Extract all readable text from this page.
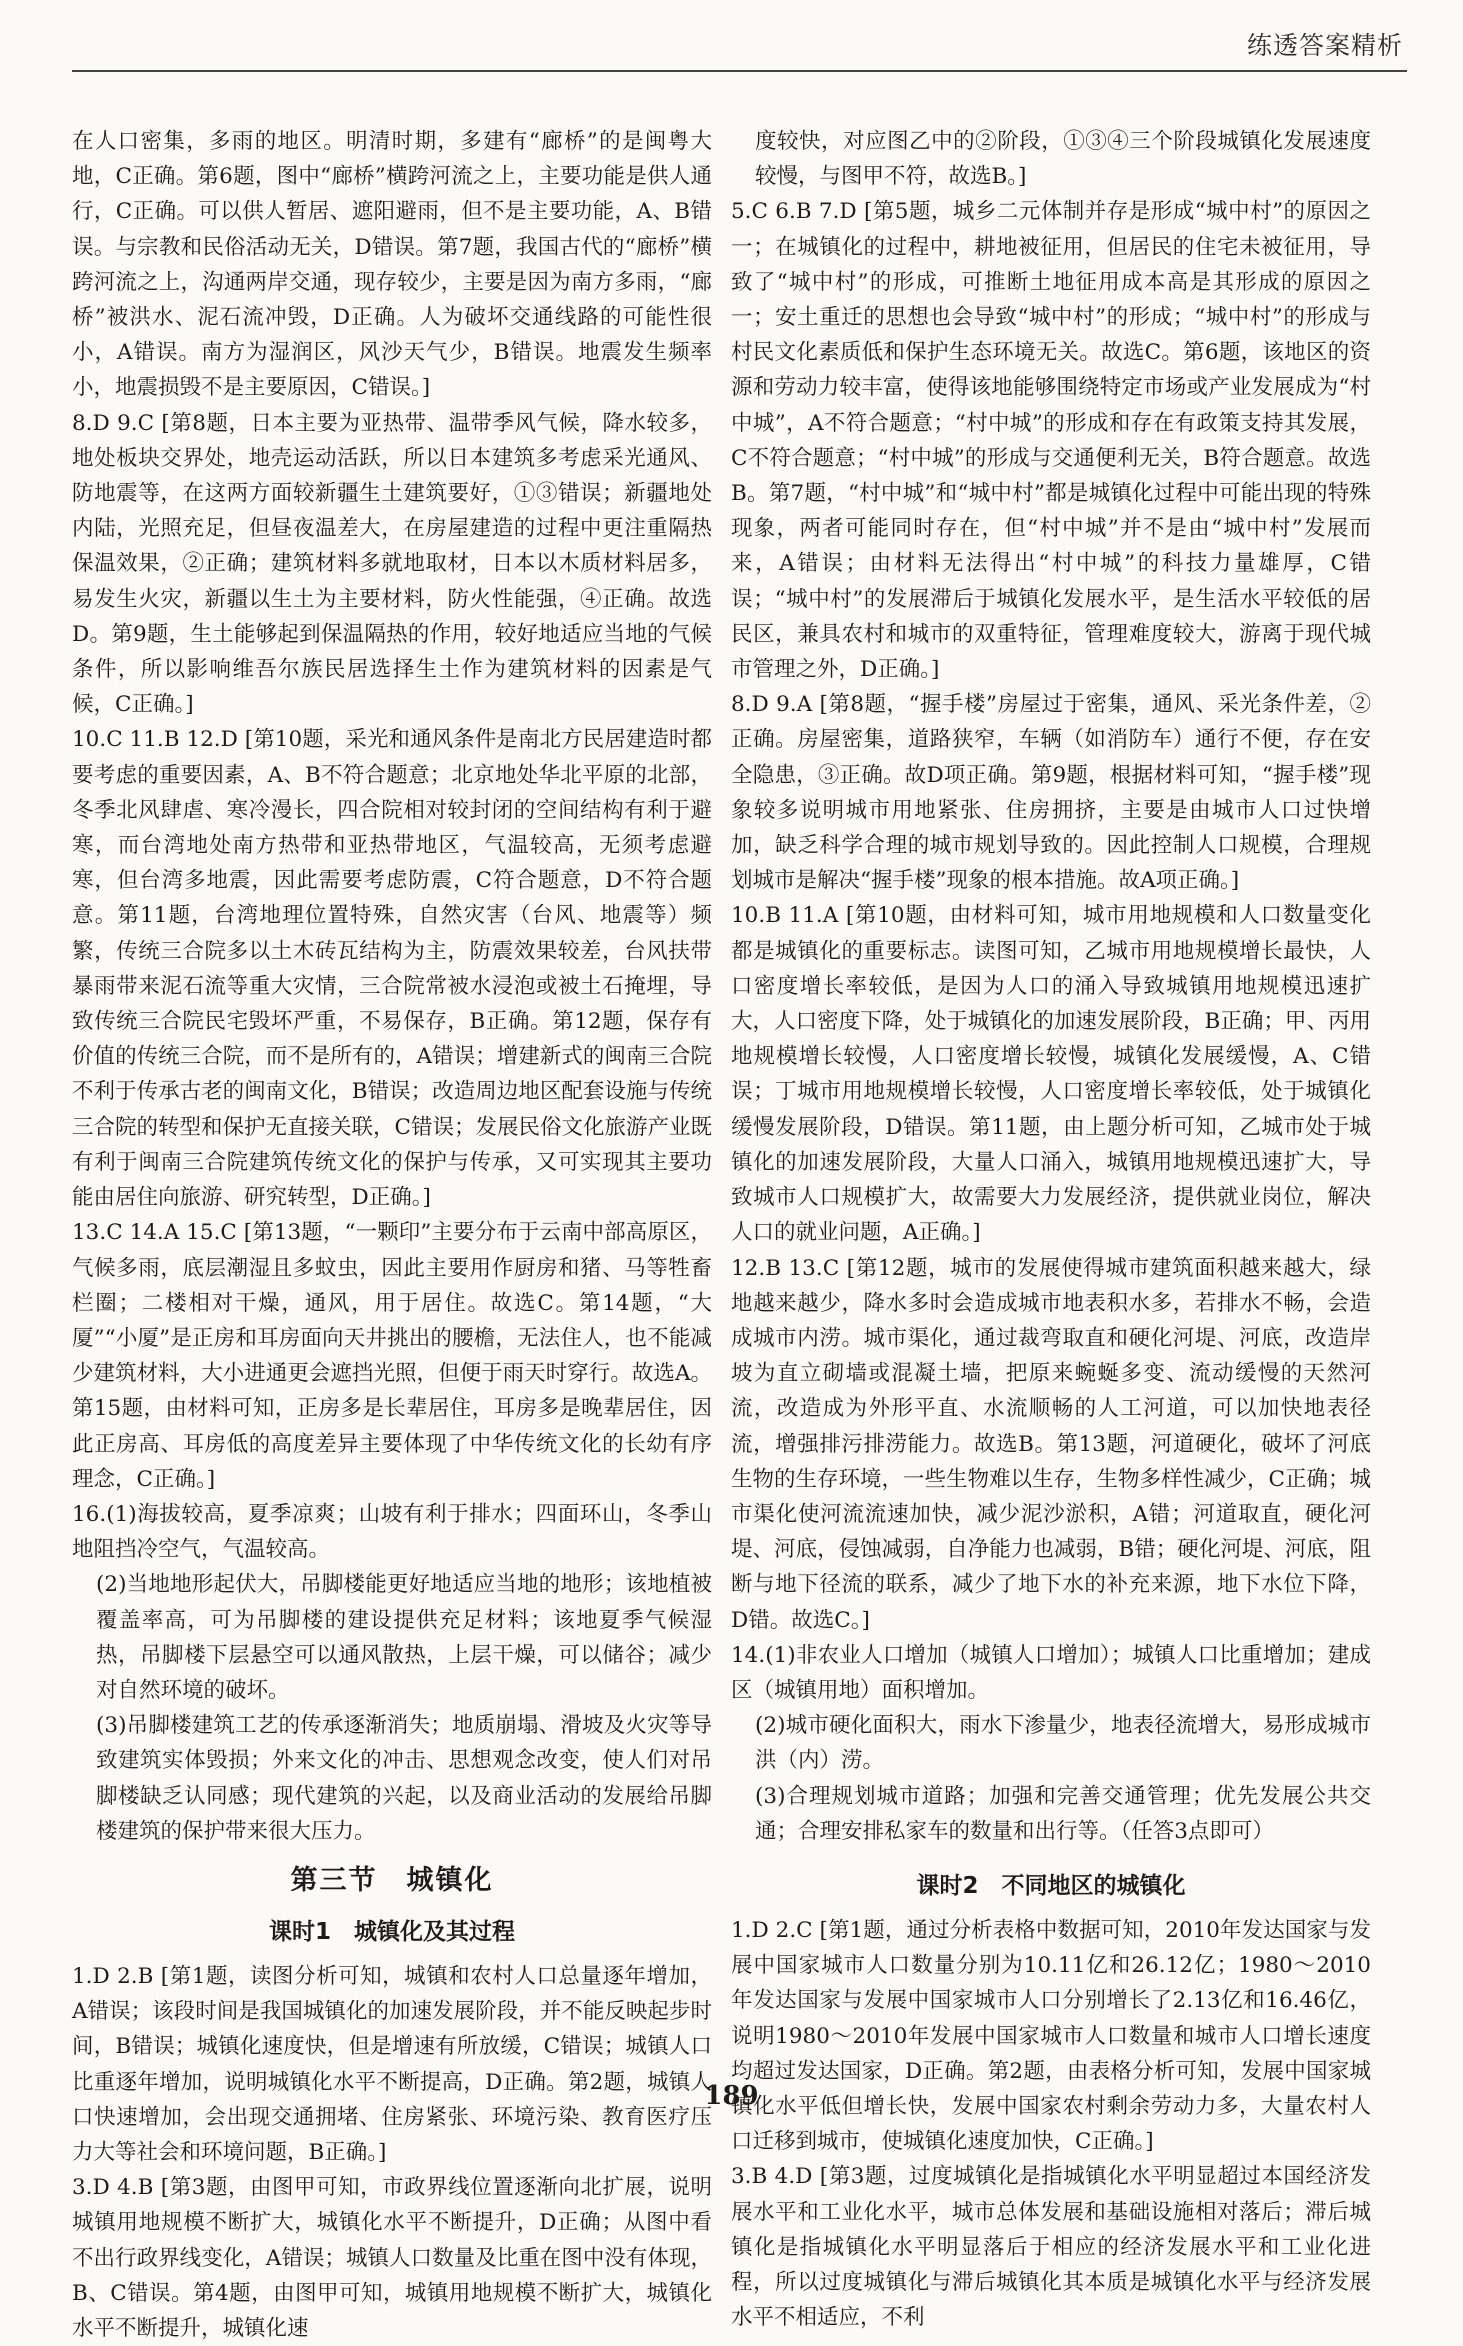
练透答案精析

在人口密集，多雨的地区。明清时期，多建有“廊桥”的是闽粤大地，C正确。第6题，图中“廊桥”横跨河流之上，主要功能是供人通行，C正确。可以供人暂居、遮阳避雨，但不是主要功能，A、B错误。与宗教和民俗活动无关，D错误。第7题，我国古代的“廊桥”横跨河流之上，沟通两岸交通，现存较少，主要是因为南方多雨，“廊桥”被洪水、泥石流冲毁，D正确。人为破坏交通线路的可能性很小，A错误。南方为湿润区，风沙天气少，B错误。地震发生频率小，地震损毁不是主要原因，C错误。]

8.D 9.C [第8题，日本主要为亚热带、温带季风气候，降水较多，地处板块交界处，地壳运动活跃，所以日本建筑多考虑采光通风、防地震等，在这两方面较新疆生土建筑要好，①③错误；新疆地处内陆，光照充足，但昼夜温差大，在房屋建造的过程中更注重隔热保温效果，②正确；建筑材料多就地取材，日本以木质材料居多，易发生火灾，新疆以生土为主要材料，防火性能强，④正确。故选D。第9题，生土能够起到保温隔热的作用，较好地适应当地的气候条件，所以影响维吾尔族民居选择生土作为建筑材料的因素是气候，C正确。]

10.C 11.B 12.D [第10题，采光和通风条件是南北方民居建造时都要考虑的重要因素，A、B不符合题意；北京地处华北平原的北部，冬季北风肆虐、寒冷漫长，四合院相对较封闭的空间结构有利于避寒，而台湾地处南方热带和亚热带地区，气温较高，无须考虑避寒，但台湾多地震，因此需要考虑防震，C符合题意，D不符合题意。第11题，台湾地理位置特殊，自然灾害（台风、地震等）频繁，传统三合院多以土木砖瓦结构为主，防震效果较差，台风扶带暴雨带来泥石流等重大灾情，三合院常被水浸泡或被土石掩埋，导致传统三合院民宅毁坏严重，不易保存，B正确。第12题，保存有价值的传统三合院，而不是所有的，A错误；增建新式的闽南三合院不利于传承古老的闽南文化，B错误；改造周边地区配套设施与传统三合院的转型和保护无直接关联，C错误；发展民俗文化旅游产业既有利于闽南三合院建筑传统文化的保护与传承，又可实现其主要功能由居住向旅游、研究转型，D正确。]

13.C 14.A 15.C [第13题，“一颗印”主要分布于云南中部高原区，气候多雨，底层潮湿且多蚊虫，因此主要用作厨房和猪、马等牲畜栏圈；二楼相对干燥，通风，用于居住。故选C。第14题，“大厦”“小厦”是正房和耳房面向天井挑出的腰檐，无法住人，也不能减少建筑材料，大小进通更会遮挡光照，但便于雨天时穿行。故选A。第15题，由材料可知，正房多是长辈居住，耳房多是晚辈居住，因此正房高、耳房低的高度差异主要体现了中华传统文化的长幼有序理念，C正确。]

16.(1)海拔较高，夏季凉爽；山坡有利于排水；四面环山，冬季山地阻挡冷空气，气温较高。

(2)当地地形起伏大，吊脚楼能更好地适应当地的地形；该地植被覆盖率高，可为吊脚楼的建设提供充足材料；该地夏季气候湿热，吊脚楼下层悬空可以通风散热，上层干燥，可以储谷；减少对自然环境的破坏。

(3)吊脚楼建筑工艺的传承逐渐消失；地质崩塌、滑坡及火灾等导致建筑实体毁损；外来文化的冲击、思想观念改变，使人们对吊脚楼缺乏认同感；现代建筑的兴起，以及商业活动的发展给吊脚楼建筑的保护带来很大压力。

第三节　城镇化
课时1　城镇化及其过程

1.D 2.B [第1题，读图分析可知，城镇和农村人口总量逐年增加，A错误；该段时间是我国城镇化的加速发展阶段，并不能反映起步时间，B错误；城镇化速度快，但是增速有所放缓，C错误；城镇人口比重逐年增加，说明城镇化水平不断提高，D正确。第2题，城镇人口快速增加，会出现交通拥堵、住房紧张、环境污染、教育医疗压力大等社会和环境问题，B正确。]

3.D 4.B [第3题，由图甲可知，市政界线位置逐渐向北扩展，说明城镇用地规模不断扩大，城镇化水平不断提升，D正确；从图中看不出行政界线变化，A错误；城镇人口数量及比重在图中没有体现，B、C错误。第4题，由图甲可知，城镇用地规模不断扩大，城镇化水平不断提升，城镇化速

度较快，对应图乙中的②阶段，①③④三个阶段城镇化发展速度较慢，与图甲不符，故选B。]

5.C 6.B 7.D [第5题，城乡二元体制并存是形成“城中村”的原因之一；在城镇化的过程中，耕地被征用，但居民的住宅未被征用，导致了“城中村”的形成，可推断土地征用成本高是其形成的原因之一；安土重迁的思想也会导致“城中村”的形成；“城中村”的形成与村民文化素质低和保护生态环境无关。故选C。第6题，该地区的资源和劳动力较丰富，使得该地能够围绕特定市场或产业发展成为“村中城”，A不符合题意；“村中城”的形成和存在有政策支持其发展，C不符合题意；“村中城”的形成与交通便利无关，B符合题意。故选B。第7题，“村中城”和“城中村”都是城镇化过程中可能出现的特殊现象，两者可能同时存在，但“村中城”并不是由“城中村”发展而来，A错误；由材料无法得出“村中城”的科技力量雄厚，C错误；“城中村”的发展滞后于城镇化发展水平，是生活水平较低的居民区，兼具农村和城市的双重特征，管理难度较大，游离于现代城市管理之外，D正确。]

8.D 9.A [第8题，“握手楼”房屋过于密集，通风、采光条件差，②正确。房屋密集，道路狭窄，车辆（如消防车）通行不便，存在安全隐患，③正确。故D项正确。第9题，根据材料可知，“握手楼”现象较多说明城市用地紧张、住房拥挤，主要是由城市人口过快增加，缺乏科学合理的城市规划导致的。因此控制人口规模，合理规划城市是解决“握手楼”现象的根本措施。故A项正确。]

10.B 11.A [第10题，由材料可知，城市用地规模和人口数量变化都是城镇化的重要标志。读图可知，乙城市用地规模增长最快，人口密度增长率较低，是因为人口的涌入导致城镇用地规模迅速扩大，人口密度下降，处于城镇化的加速发展阶段，B正确；甲、丙用地规模增长较慢，人口密度增长较慢，城镇化发展缓慢，A、C错误；丁城市用地规模增长较慢，人口密度增长率较低，处于城镇化缓慢发展阶段，D错误。第11题，由上题分析可知，乙城市处于城镇化的加速发展阶段，大量人口涌入，城镇用地规模迅速扩大，导致城市人口规模扩大，故需要大力发展经济，提供就业岗位，解决人口的就业问题，A正确。]

12.B 13.C [第12题，城市的发展使得城市建筑面积越来越大，绿地越来越少，降水多时会造成城市地表积水多，若排水不畅，会造成城市内涝。城市渠化，通过裁弯取直和硬化河堤、河底，改造岸坡为直立砌墙或混凝土墙，把原来蜿蜒多变、流动缓慢的天然河流，改造成为外形平直、水流顺畅的人工河道，可以加快地表径流，增强排污排涝能力。故选B。第13题，河道硬化，破坏了河底生物的生存环境，一些生物难以生存，生物多样性减少，C正确；城市渠化使河流流速加快，减少泥沙淤积，A错；河道取直，硬化河堤、河底，侵蚀减弱，自净能力也减弱，B错；硬化河堤、河底，阻断与地下径流的联系，减少了地下水的补充来源，地下水位下降，D错。故选C。]

14.(1)非农业人口增加（城镇人口增加）；城镇人口比重增加；建成区（城镇用地）面积增加。

(2)城市硬化面积大，雨水下渗量少，地表径流增大，易形成城市洪（内）涝。

(3)合理规划城市道路；加强和完善交通管理；优先发展公共交通；合理安排私家车的数量和出行等。（任答3点即可）

课时2　不同地区的城镇化

1.D 2.C [第1题，通过分析表格中数据可知，2010年发达国家与发展中国家城市人口数量分别为10.11亿和26.12亿；1980～2010年发达国家与发展中国家城市人口分别增长了2.13亿和16.46亿，说明1980～2010年发展中国家城市人口数量和城市人口增长速度均超过发达国家，D正确。第2题，由表格分析可知，发展中国家城镇化水平低但增长快，发展中国家农村剩余劳动力多，大量农村人口迁移到城市，使城镇化速度加快，C正确。]

3.B 4.D [第3题，过度城镇化是指城镇化水平明显超过本国经济发展水平和工业化水平，城市总体发展和基础设施相对落后；滞后城镇化是指城镇化水平明显落后于相应的经济发展水平和工业化进程，所以过度城镇化与滞后城镇化其本质是城镇化水平与经济发展水平不相适应，不利

189
